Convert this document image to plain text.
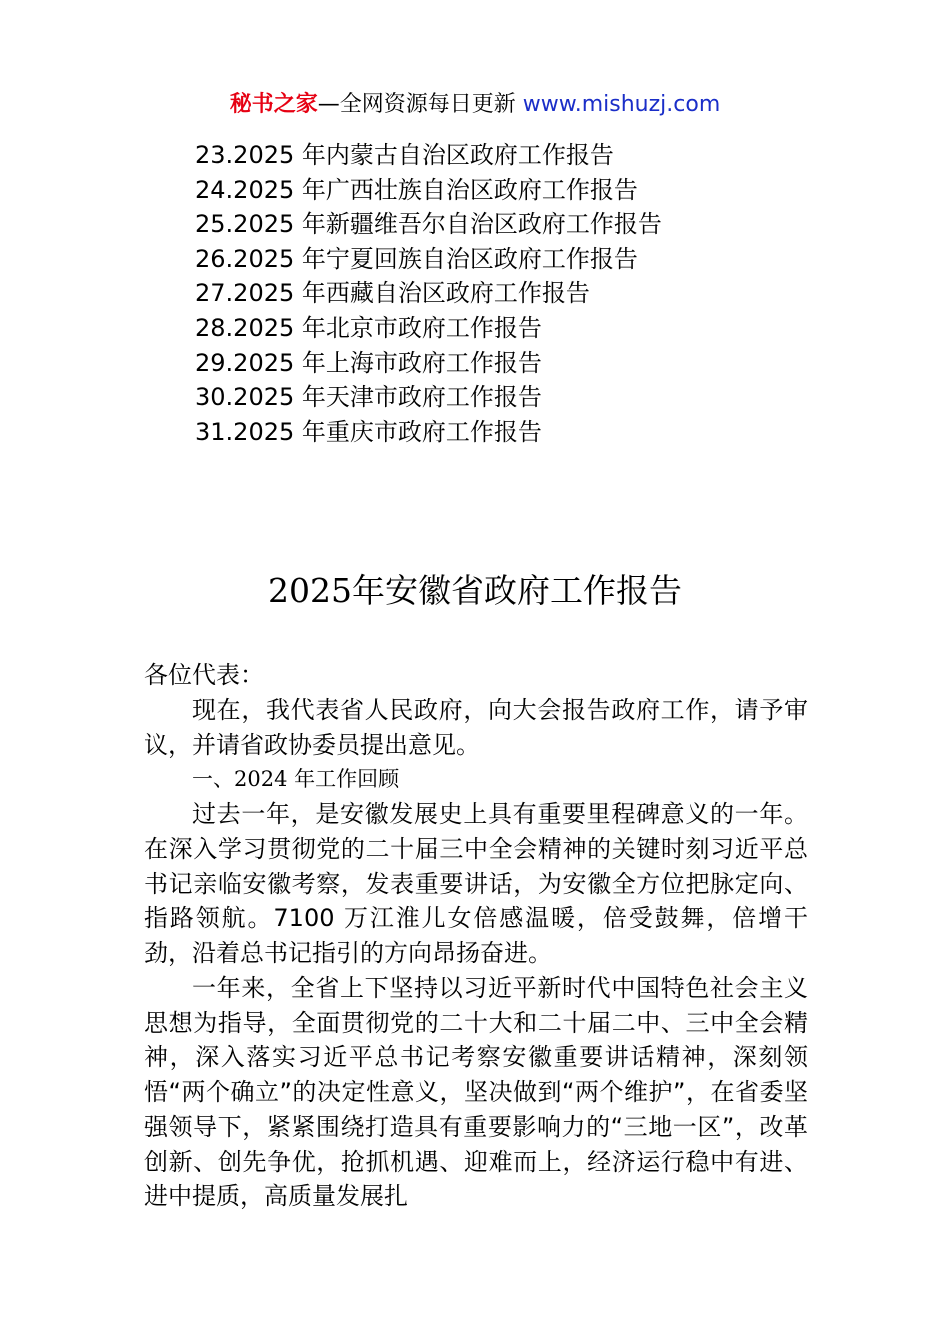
秘书之家—全网资源每日更新 www.mishuzj.com
23.2025 年内蒙古自治区政府工作报告
24.2025 年广西壮族自治区政府工作报告
25.2025 年新疆维吾尔自治区政府工作报告
26.2025 年宁夏回族自治区政府工作报告
27.2025 年西藏自治区政府工作报告
28.2025 年北京市政府工作报告
29.2025 年上海市政府工作报告
30.2025 年天津市政府工作报告
31.2025 年重庆市政府工作报告
2025年安徽省政府工作报告

各位代表：

现在，我代表省人民政府，向大会报告政府工作，请予审议，并请省政协委员提出意见。

一、2024 年工作回顾

过去一年，是安徽发展史上具有重要里程碑意义的一年。在深入学习贯彻党的二十届三中全会精神的关键时刻习近平总书记亲临安徽考察，发表重要讲话，为安徽全方位把脉定向、指路领航。7100 万江淮儿女倍感温暖，倍受鼓舞，倍增干劲，沿着总书记指引的方向昂扬奋进。

一年来，全省上下坚持以习近平新时代中国特色社会主义思想为指导，全面贯彻党的二十大和二十届二中、三中全会精神，深入落实习近平总书记考察安徽重要讲话精神，深刻领悟“两个确立”的决定性意义，坚决做到“两个维护”，在省委坚强领导下，紧紧围绕打造具有重要影响力的“三地一区”，改革创新、创先争优，抢抓机遇、迎难而上，经济运行稳中有进、进中提质，高质量发展扎
